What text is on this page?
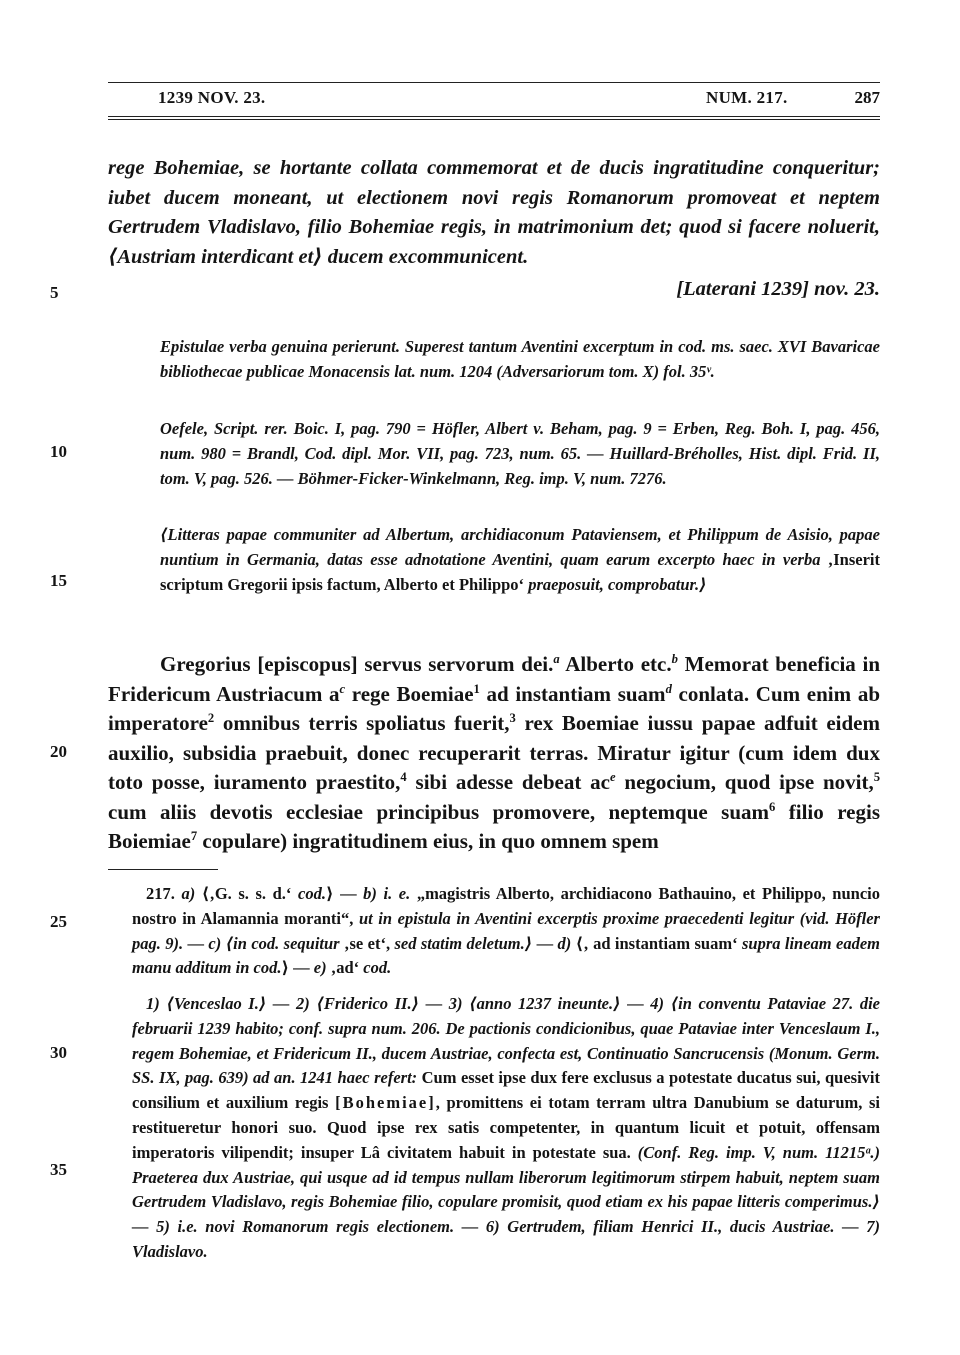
1239 NOV. 23.	NUM. 217.	287
5
10
15
20
25
30
35

rege Bohemiae, se hortante collata commemorat et de ducis ingratitudine conqueritur; iubet ducem moneant, ut electionem novi regis Romanorum promoveat et neptem Gertrudem Vladislavo, filio Bohemiae regis, in matrimonium det; quod si facere noluerit, ⟨Austriam interdicant et⟩ ducem excommunicent.

[Laterani 1239] nov. 23.

Epistulae verba genuina perierunt. Superest tantum Aventini excerptum in cod. ms. saec. XVI Bavaricae bibliothecae publicae Monacensis lat. num. 1204 (Adversariorum tom. X) fol. 35ᵛ.

Oefele, Script. rer. Boic. I, pag. 790 = Höfler, Albert v. Beham, pag. 9 = Erben, Reg. Boh. I, pag. 456, num. 980 = Brandl, Cod. dipl. Mor. VII, pag. 723, num. 65. — Huillard-Bréholles, Hist. dipl. Frid. II, tom. V, pag. 526. — Böhmer-Ficker-Winkelmann, Reg. imp. V, num. 7276.

⟨Litteras papae communiter ad Albertum, archidiaconum Pataviensem, et Philippum de Asisio, papae nuntium in Germania, datas esse adnotatione Aventini, quam earum excerpto haec in verba ‚Inserit scriptum Gregorii ipsis factum, Alberto et Philippo‘ praeposuit, comprobatur.⟩

Gregorius [episcopus] servus servorum dei.$^a$ Alberto etc.$^b$ Memorat beneficia in Fridericum Austriacum $a^c$ rege Boemiae$^1$ ad instantiam suam$^d$ conlata. Cum enim ab imperatore$^2$ omnibus terris spoliatus fuerit,$^3$ rex Boemiae iussu papae adfuit eidem auxilio, subsidia praebuit, donec recuperarit terras. Miratur igitur (cum idem dux toto posse, iuramento praestito,$^4$ sibi adesse debeat $ac^e$ negocium, quod ipse novit,$^5$ cum aliis devotis ecclesiae principibus promovere, neptemque suam$^6$ filio regis Boiemiae$^7$ copulare) ingratitudinem eius, in quo omnem spem

217. a) ⟨‚G. s. s. d.‘ cod.⟩ — b) i. e. „magistris Alberto, archidiacono Bathauino, et Philippo, nuncio nostro in Alamannia moranti“, ut in epistula in Aventini excerptis proxime praecedenti legitur (vid. Höfler pag. 9). — c) ⟨in cod. sequitur ‚se et‘, sed statim deletum.⟩ — d) ⟨‚ ad instantiam suam‘ supra lineam eadem manu additum in cod.⟩ — e) ‚ad‘ cod.

1) ⟨Venceslao I.⟩ — 2) ⟨Friderico II.⟩ — 3) ⟨anno 1237 ineunte.⟩ — 4) ⟨in conventu Pataviae 27. die februarii 1239 habito; conf. supra num. 206. De pactionis condicionibus, quae Pataviae inter Venceslaum I., regem Bohemiae, et Fridericum II., ducem Austriae, confecta est, Continuatio Sancrucensis (Monum. Germ. SS. IX, pag. 639) ad an. 1241 haec refert: Cum esset ipse dux fere exclusus a potestate ducatus sui, quesivit consilium et auxilium regis [Bohemiae], promittens ei totam terram ultra Danubium se daturum, si restitueretur honori suo. Quod ipse rex satis competenter, in quantum licuit et potuit, offensam imperatoris vilipendit; insuper Lâ civitatem habuit in potestate sua. (Conf. Reg. imp. V, num. 11215ᵃ.) Praeterea dux Austriae, qui usque ad id tempus nullam liberorum legitimorum stirpem habuit, neptem suam Gertrudem Vladislavo, regis Bohemiae filio, copulare promisit, quod etiam ex his papae litteris comperimus.⟩ — 5) i.e. novi Romanorum regis electionem. — 6) Gertrudem, filiam Henrici II., ducis Austriae. — 7) Vladislavo.
